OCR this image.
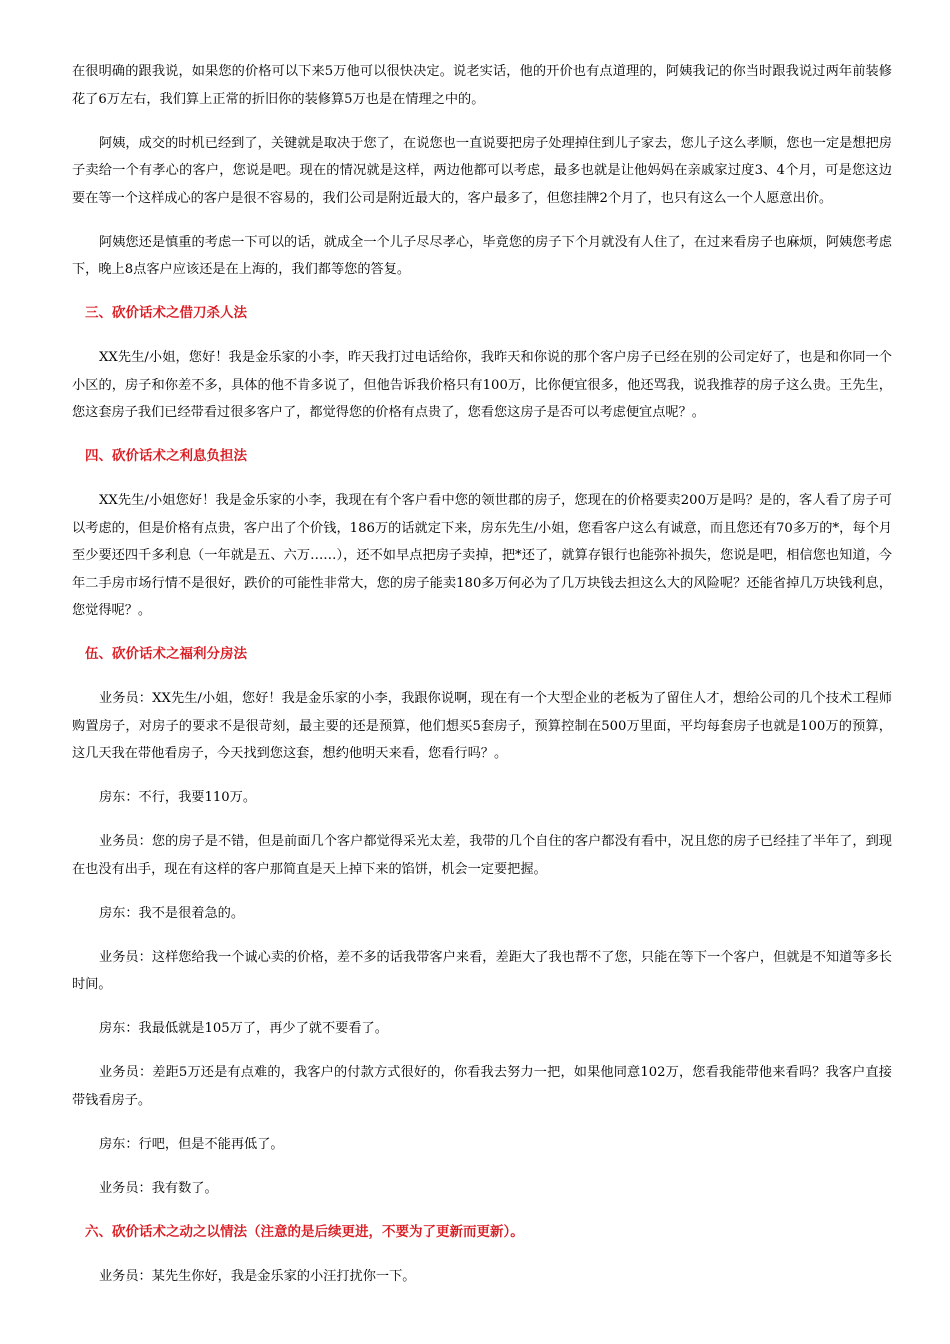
在很明确的跟我说，如果您的价格可以下来5万他可以很快决定。说老实话，他的开价也有点道理的，阿姨我记的你当时跟我说过两年前装修花了6万左右，我们算上正常的折旧你的装修算5万也是在情理之中的。

阿姨，成交的时机已经到了，关键就是取决于您了，在说您也一直说要把房子处理掉住到儿子家去，您儿子这么孝顺，您也一定是想把房子卖给一个有孝心的客户，您说是吧。现在的情况就是这样，两边他都可以考虑，最多也就是让他妈妈在亲戚家过度3、4个月，可是您这边要在等一个这样成心的客户是很不容易的，我们公司是附近最大的，客户最多了，但您挂牌2个月了，也只有这么一个人愿意出价。

阿姨您还是慎重的考虑一下可以的话，就成全一个儿子尽尽孝心，毕竟您的房子下个月就没有人住了，在过来看房子也麻烦，阿姨您考虑下，晚上8点客户应该还是在上海的，我们都等您的答复。

三、砍价话术之借刀杀人法

XX先生/小姐，您好！我是金乐家的小李，昨天我打过电话给你，我昨天和你说的那个客户房子已经在别的公司定好了，也是和你同一个小区的，房子和你差不多，具体的他不肯多说了，但他告诉我价格只有100万，比你便宜很多，他还骂我，说我推荐的房子这么贵。王先生，您这套房子我们已经带看过很多客户了，都觉得您的价格有点贵了，您看您这房子是否可以考虑便宜点呢？。

四、砍价话术之利息负担法

XX先生/小姐您好！我是金乐家的小李，我现在有个客户看中您的领世郡的房子，您现在的价格要卖200万是吗？是的，客人看了房子可以考虑的，但是价格有点贵，客户出了个价钱，186万的话就定下来，房东先生/小姐，您看客户这么有诚意，而且您还有70多万的*，每个月至少要还四千多利息（一年就是五、六万……），还不如早点把房子卖掉，把*还了，就算存银行也能弥补损失，您说是吧，相信您也知道，今年二手房市场行情不是很好，跌价的可能性非常大，您的房子能卖180多万何必为了几万块钱去担这么大的风险呢？还能省掉几万块钱利息，您觉得呢？。

伍、砍价话术之福利分房法

业务员：XX先生/小姐，您好！我是金乐家的小李，我跟你说啊，现在有一个大型企业的老板为了留住人才，想给公司的几个技术工程师购置房子，对房子的要求不是很苛刻，最主要的还是预算，他们想买5套房子，预算控制在500万里面，平均每套房子也就是100万的预算，这几天我在带他看房子，今天找到您这套，想约他明天来看，您看行吗？。

房东：不行，我要110万。

业务员：您的房子是不错，但是前面几个客户都觉得采光太差，我带的几个自住的客户都没有看中，况且您的房子已经挂了半年了，到现在也没有出手，现在有这样的客户那简直是天上掉下来的馅饼，机会一定要把握。

房东：我不是很着急的。

业务员：这样您给我一个诚心卖的价格，差不多的话我带客户来看，差距大了我也帮不了您，只能在等下一个客户，但就是不知道等多长时间。

房东：我最低就是105万了，再少了就不要看了。

业务员：差距5万还是有点难的，我客户的付款方式很好的，你看我去努力一把，如果他同意102万，您看我能带他来看吗？我客户直接带钱看房子。

房东：行吧，但是不能再低了。

业务员：我有数了。

六、砍价话术之动之以情法（注意的是后续更进，不要为了更新而更新）。

业务员：某先生你好，我是金乐家的小汪打扰你一下。
